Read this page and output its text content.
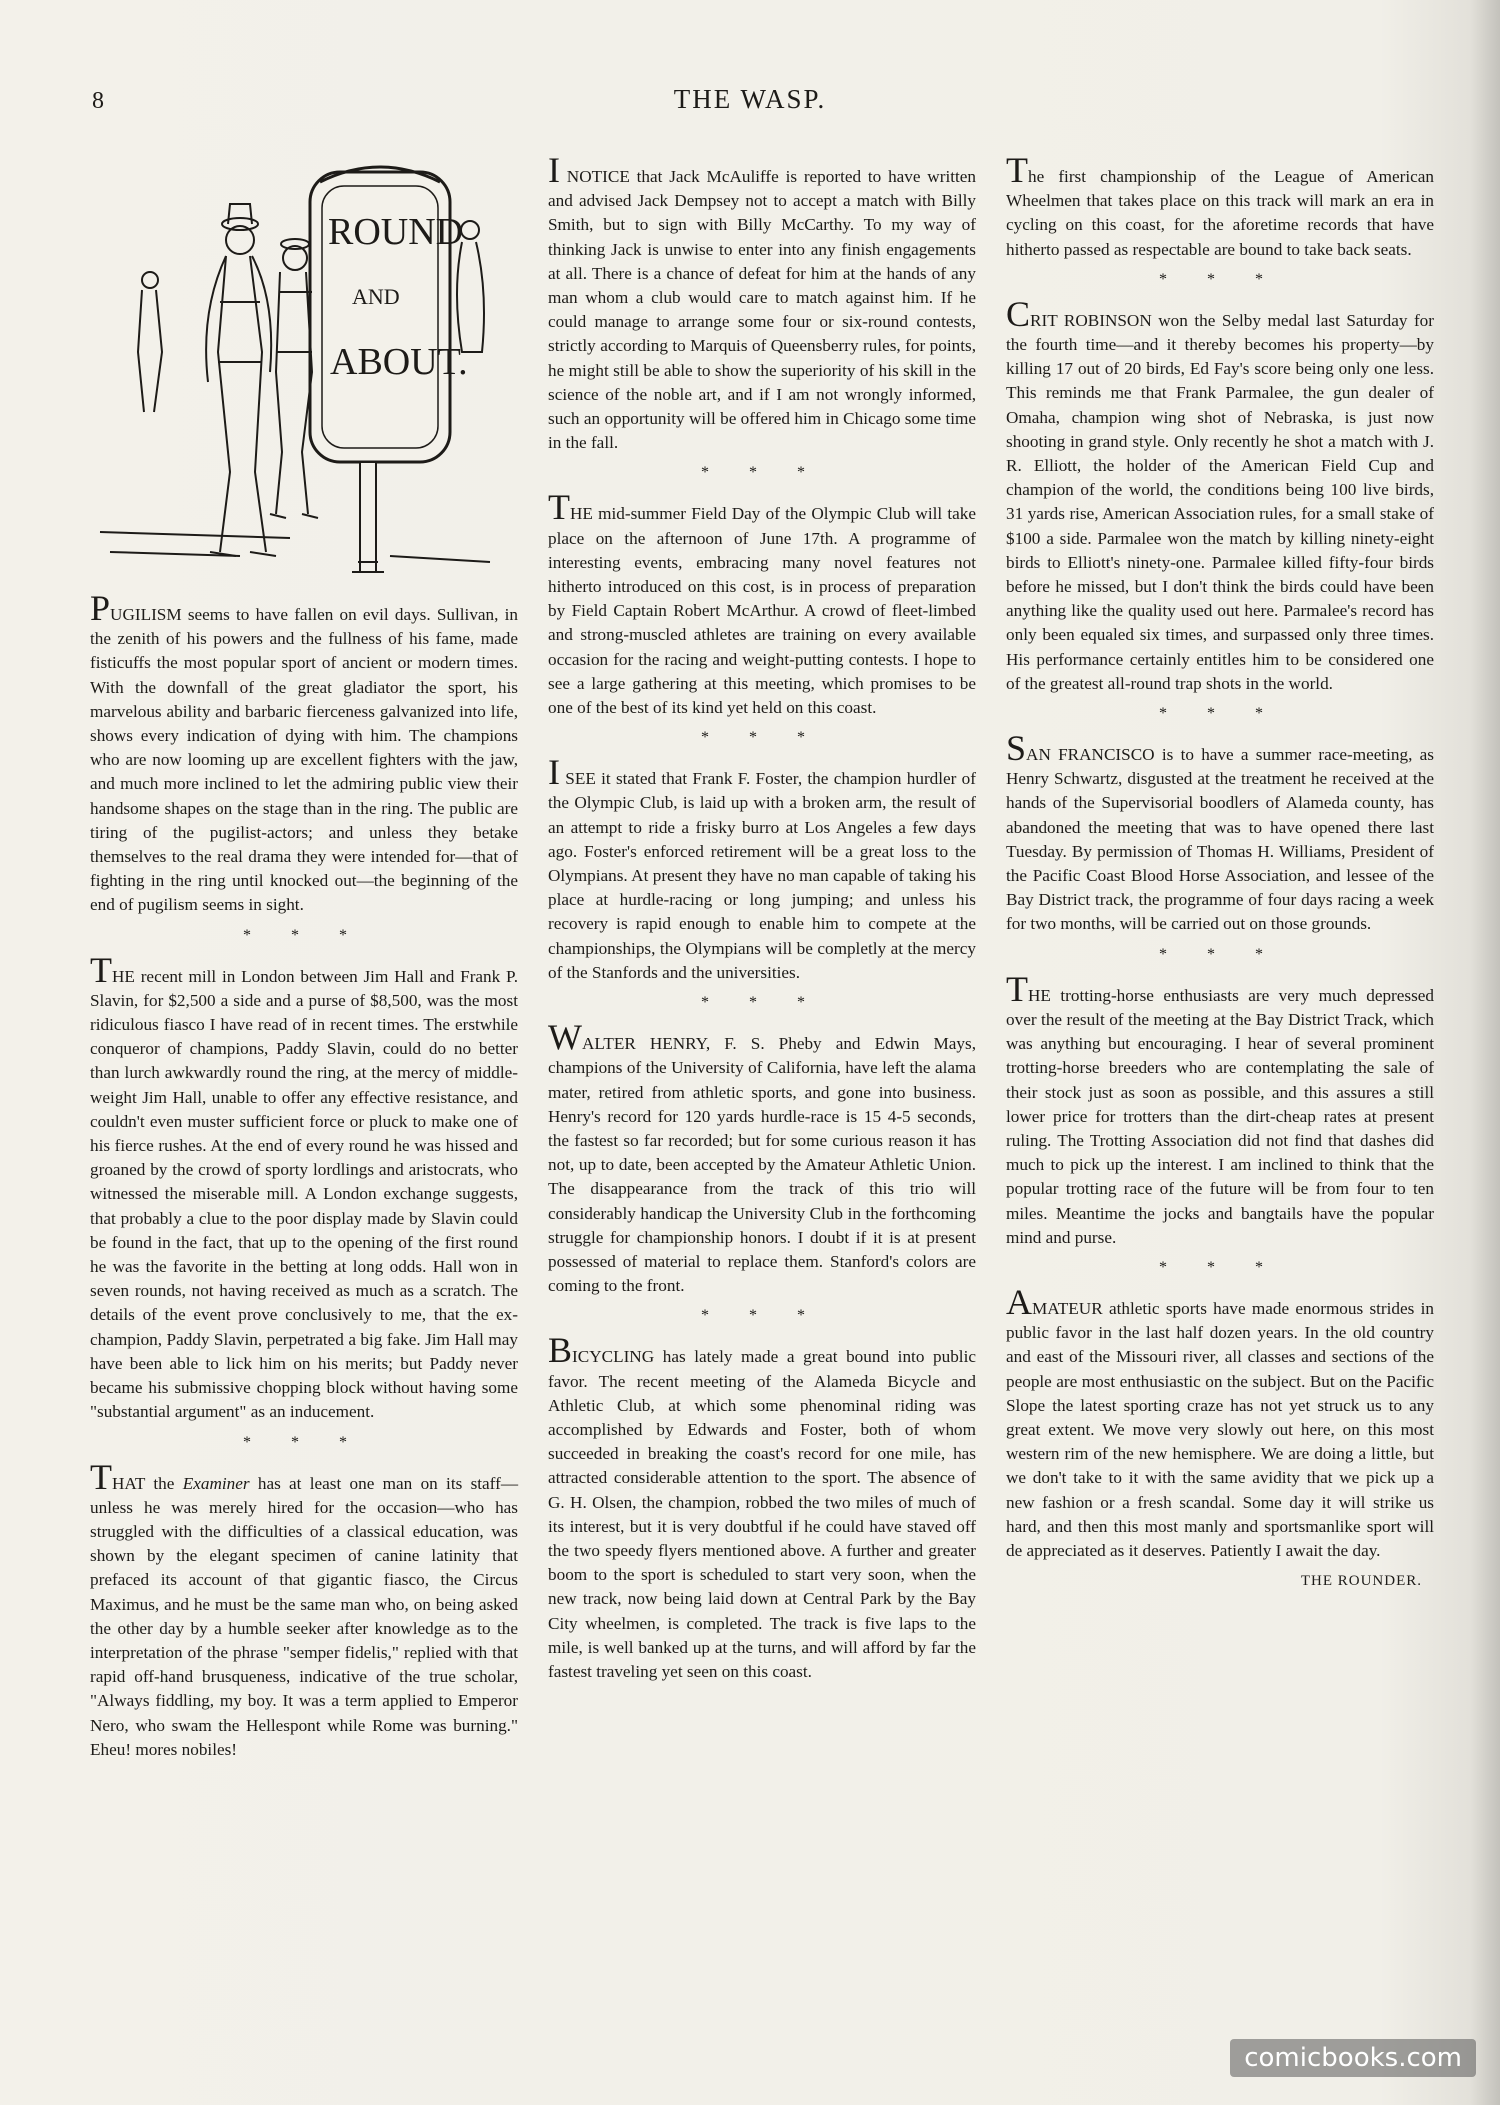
8	THE WASP.
ROUND
AND
ABOUT.

PUGILISM seems to have fallen on evil days. Sullivan, in the zenith of his powers and the fullness of his fame, made fisticuffs the most popular sport of ancient or modern times. With the downfall of the great gladiator the sport, his marvelous ability and barbaric fierceness galvanized into life, shows every indication of dying with him. The champions who are now looming up are excellent fighters with the jaw, and much more inclined to let the admiring public view their handsome shapes on the stage than in the ring. The public are tiring of the pugilist-actors; and unless they betake themselves to the real drama they were intended for—that of fighting in the ring until knocked out—the beginning of the end of pugilism seems in sight.

* * *

THE recent mill in London between Jim Hall and Frank P. Slavin, for $2,500 a side and a purse of $8,500, was the most ridiculous fiasco I have read of in recent times. The erstwhile conqueror of champions, Paddy Slavin, could do no better than lurch awkwardly round the ring, at the mercy of middle-weight Jim Hall, unable to offer any effective resistance, and couldn't even muster sufficient force or pluck to make one of his fierce rushes. At the end of every round he was hissed and groaned by the crowd of sporty lordlings and aristocrats, who witnessed the miserable mill. A London exchange suggests, that probably a clue to the poor display made by Slavin could be found in the fact, that up to the opening of the first round he was the favorite in the betting at long odds. Hall won in seven rounds, not having received as much as a scratch. The details of the event prove conclusively to me, that the ex-champion, Paddy Slavin, perpetrated a big fake. Jim Hall may have been able to lick him on his merits; but Paddy never became his submissive chopping block without having some "substantial argument" as an inducement.

* * *

THAT the Examiner has at least one man on its staff—unless he was merely hired for the occasion—who has struggled with the difficulties of a classical education, was shown by the elegant specimen of canine latinity that prefaced its account of that gigantic fiasco, the Circus Maximus, and he must be the same man who, on being asked the other day by a humble seeker after knowledge as to the interpretation of the phrase "semper fidelis," replied with that rapid off-hand brusqueness, indicative of the true scholar, "Always fiddling, my boy. It was a term applied to Emperor Nero, who swam the Hellespont while Rome was burning." Eheu! mores nobiles!

I NOTICE that Jack McAuliffe is reported to have written and advised Jack Dempsey not to accept a match with Billy Smith, but to sign with Billy McCarthy. To my way of thinking Jack is unwise to enter into any finish engagements at all. There is a chance of defeat for him at the hands of any man whom a club would care to match against him. If he could manage to arrange some four or six-round contests, strictly according to Marquis of Queensberry rules, for points, he might still be able to show the superiority of his skill in the science of the noble art, and if I am not wrongly informed, such an opportunity will be offered him in Chicago some time in the fall.

* * *

THE mid-summer Field Day of the Olympic Club will take place on the afternoon of June 17th. A programme of interesting events, embracing many novel features not hitherto introduced on this cost, is in process of preparation by Field Captain Robert McArthur. A crowd of fleet-limbed and strong-muscled athletes are training on every available occasion for the racing and weight-putting contests. I hope to see a large gathering at this meeting, which promises to be one of the best of its kind yet held on this coast.

* * *

I SEE it stated that Frank F. Foster, the champion hurdler of the Olympic Club, is laid up with a broken arm, the result of an attempt to ride a frisky burro at Los Angeles a few days ago. Foster's enforced retirement will be a great loss to the Olympians. At present they have no man capable of taking his place at hurdle-racing or long jumping; and unless his recovery is rapid enough to enable him to compete at the championships, the Olympians will be completly at the mercy of the Stanfords and the universities.

* * *

WALTER HENRY, F. S. Pheby and Edwin Mays, champions of the University of California, have left the alama mater, retired from athletic sports, and gone into business. Henry's record for 120 yards hurdle-race is 15 4-5 seconds, the fastest so far recorded; but for some curious reason it has not, up to date, been accepted by the Amateur Athletic Union. The disappearance from the track of this trio will considerably handicap the University Club in the forthcoming struggle for championship honors. I doubt if it is at present possessed of material to replace them. Stanford's colors are coming to the front.

* * *

BICYCLING has lately made a great bound into public favor. The recent meeting of the Alameda Bicycle and Athletic Club, at which some phenominal riding was accomplished by Edwards and Foster, both of whom succeeded in breaking the coast's record for one mile, has attracted considerable attention to the sport. The absence of G. H. Olsen, the champion, robbed the two miles of much of its interest, but it is very doubtful if he could have staved off the two speedy flyers mentioned above. A further and greater boom to the sport is scheduled to start very soon, when the new track, now being laid down at Central Park by the Bay City wheelmen, is completed. The track is five laps to the mile, is well banked up at the turns, and will afford by far the fastest traveling yet seen on this coast.

The first championship of the League of American Wheelmen that takes place on this track will mark an era in cycling on this coast, for the aforetime records that have hitherto passed as respectable are bound to take back seats.

* * *

CRIT ROBINSON won the Selby medal last Saturday for the fourth time—and it thereby becomes his property—by killing 17 out of 20 birds, Ed Fay's score being only one less. This reminds me that Frank Parmalee, the gun dealer of Omaha, champion wing shot of Nebraska, is just now shooting in grand style. Only recently he shot a match with J. R. Elliott, the holder of the American Field Cup and champion of the world, the conditions being 100 live birds, 31 yards rise, American Association rules, for a small stake of $100 a side. Parmalee won the match by killing ninety-eight birds to Elliott's ninety-one. Parmalee killed fifty-four birds before he missed, but I don't think the birds could have been anything like the quality used out here. Parmalee's record has only been equaled six times, and surpassed only three times. His performance certainly entitles him to be considered one of the greatest all-round trap shots in the world.

* * *

SAN FRANCISCO is to have a summer race-meeting, as Henry Schwartz, disgusted at the treatment he received at the hands of the Supervisorial boodlers of Alameda county, has abandoned the meeting that was to have opened there last Tuesday. By permission of Thomas H. Williams, President of the Pacific Coast Blood Horse Association, and lessee of the Bay District track, the programme of four days racing a week for two months, will be carried out on those grounds.

* * *

THE trotting-horse enthusiasts are very much depressed over the result of the meeting at the Bay District Track, which was anything but encouraging. I hear of several prominent trotting-horse breeders who are contemplating the sale of their stock just as soon as possible, and this assures a still lower price for trotters than the dirt-cheap rates at present ruling. The Trotting Association did not find that dashes did much to pick up the interest. I am inclined to think that the popular trotting race of the future will be from four to ten miles. Meantime the jocks and bangtails have the popular mind and purse.

* * *

AMATEUR athletic sports have made enormous strides in public favor in the last half dozen years. In the old country and east of the Missouri river, all classes and sections of the people are most enthusiastic on the subject. But on the Pacific Slope the latest sporting craze has not yet struck us to any great extent. We move very slowly out here, on this most western rim of the new hemisphere. We are doing a little, but we don't take to it with the same avidity that we pick up a new fashion or a fresh scandal. Some day it will strike us hard, and then this most manly and sportsmanlike sport will de appreciated as it deserves. Patiently I await the day.

THE ROUNDER.
comicbooks.com
